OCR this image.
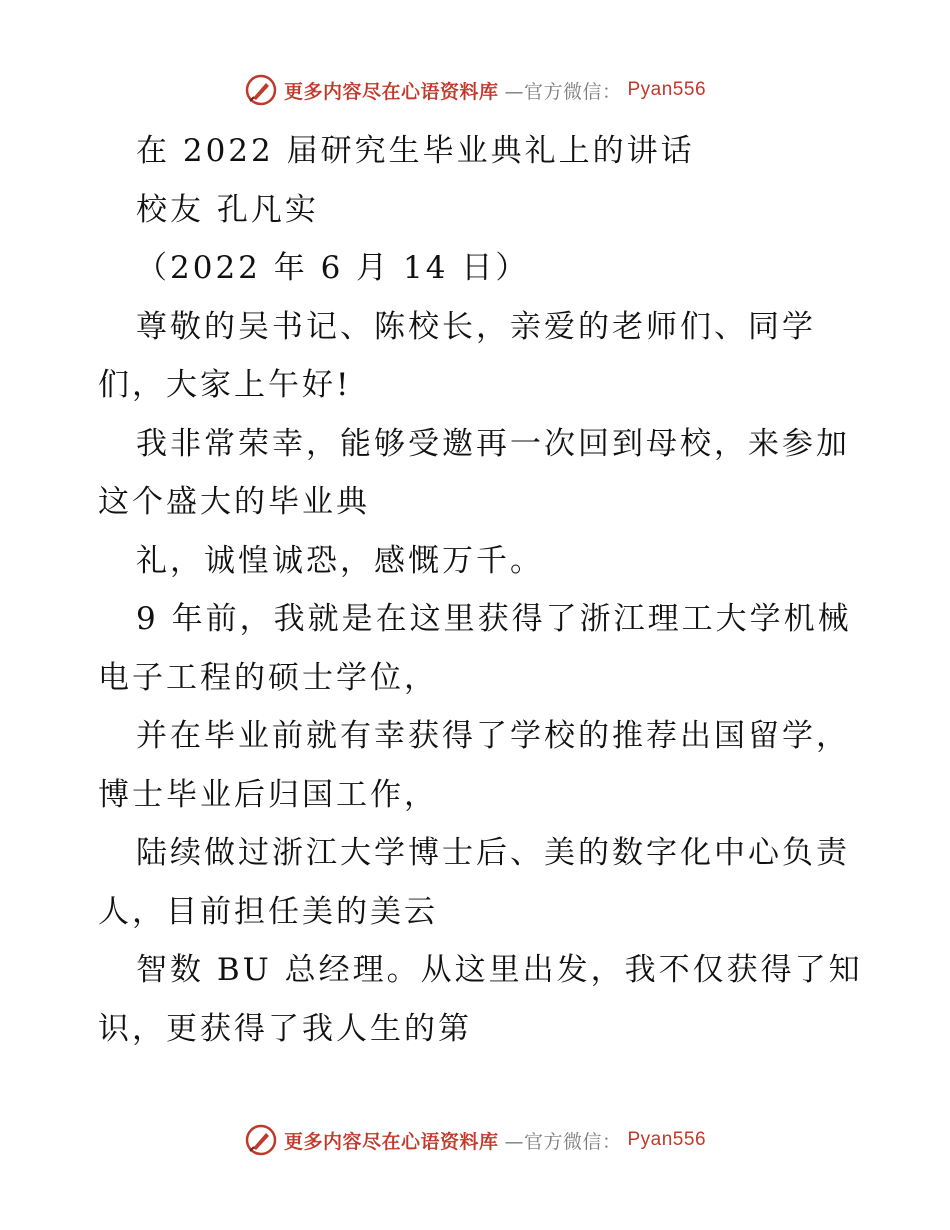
更多内容尽在心语资料库 —官方微信： Pyan556
在 2022 届研究生毕业典礼上的讲话
校友 孔凡实
（2022 年 6 月 14 日）
尊敬的吴书记、陈校长，亲爱的老师们、同学
们，大家上午好!
我非常荣幸，能够受邀再一次回到母校，来参加
这个盛大的毕业典
礼，诚惶诚恐，感慨万千。
9 年前，我就是在这里获得了浙江理工大学机械
电子工程的硕士学位，
并在毕业前就有幸获得了学校的推荐出国留学，
博士毕业后归国工作，
陆续做过浙江大学博士后、美的数字化中心负责
人，目前担任美的美云
智数 BU 总经理。从这里出发，我不仅获得了知
识，更获得了我人生的第
更多内容尽在心语资料库 —官方微信： Pyan556
